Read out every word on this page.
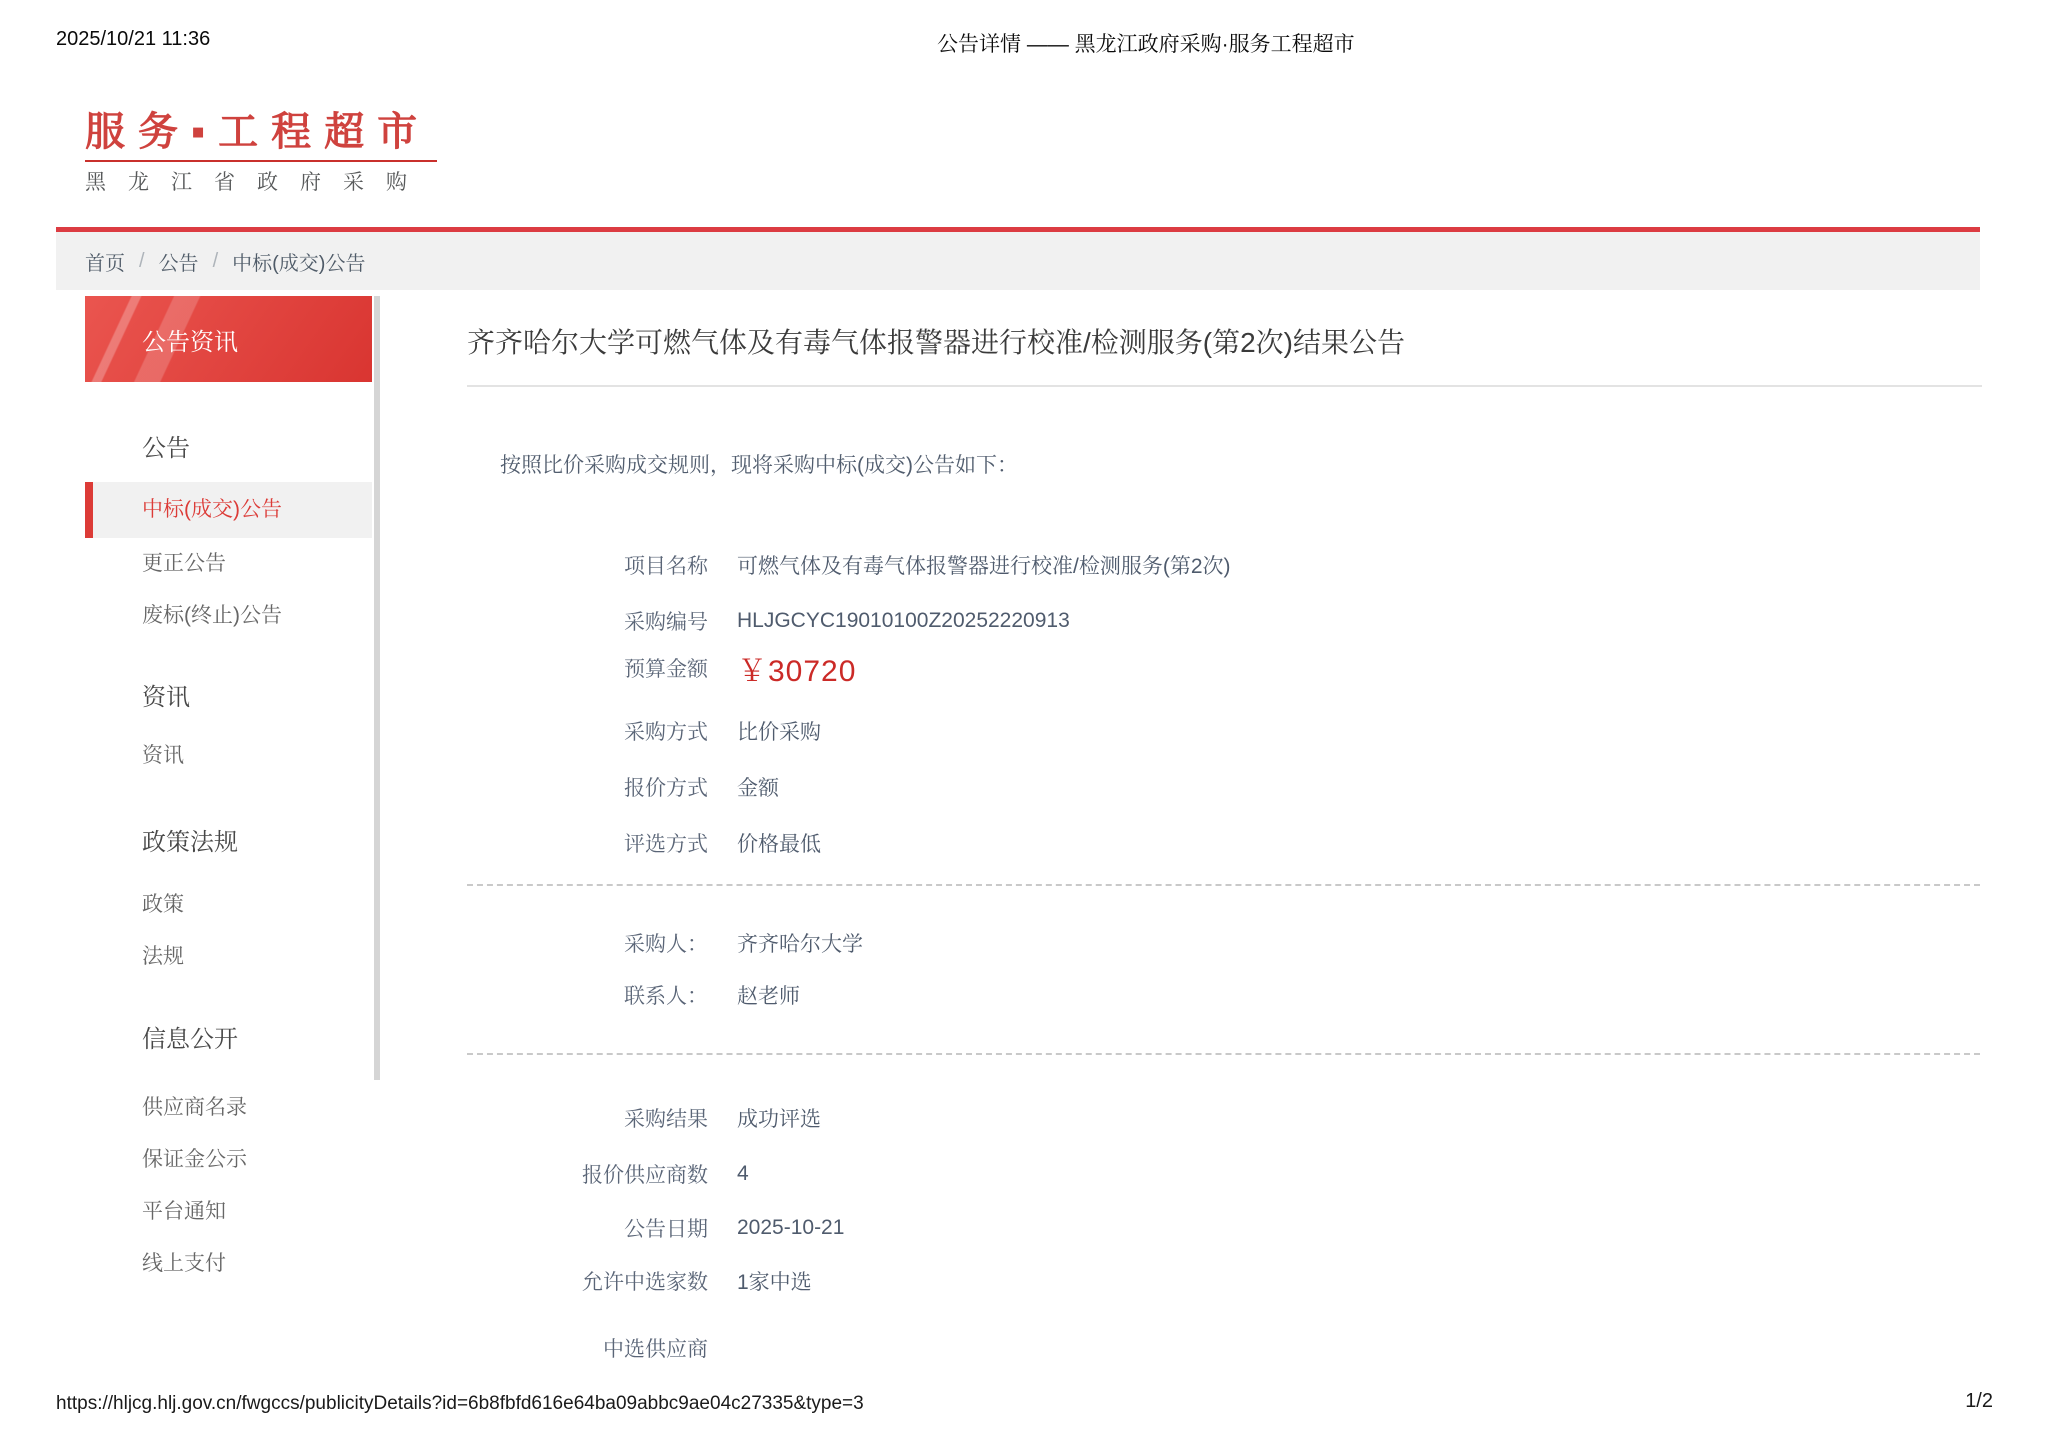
2025/10/21 11:36	公告详情 —— 黑龙江政府采购·服务工程超市
服务▪工程超市
黑龙江省政府采购
首页 / 公告 / 中标(成交)公告
公告资讯
公告
中标(成交)公告
更正公告
废标(终止)公告
资讯
资讯
政策法规
政策
法规
信息公开
供应商名录
保证金公示
平台通知
线上支付
齐齐哈尔大学可燃气体及有毒气体报警器进行校准/检测服务(第2次)结果公告
按照比价采购成交规则，现将采购中标(成交)公告如下：
项目名称 可燃气体及有毒气体报警器进行校准/检测服务(第2次)
采购编号 HLJGCYC19010100Z20252220913
预算金额 ￥30720
采购方式 比价采购
报价方式 金额
评选方式 价格最低
采购人： 齐齐哈尔大学
联系人： 赵老师
采购结果 成功评选
报价供应商数 4
公告日期 2025-10-21
允许中选家数 1家中选
中选供应商
https://hljcg.hlj.gov.cn/fwgccs/publicityDetails?id=6b8fbfd616e64ba09abbc9ae04c27335&type=3	1/2
